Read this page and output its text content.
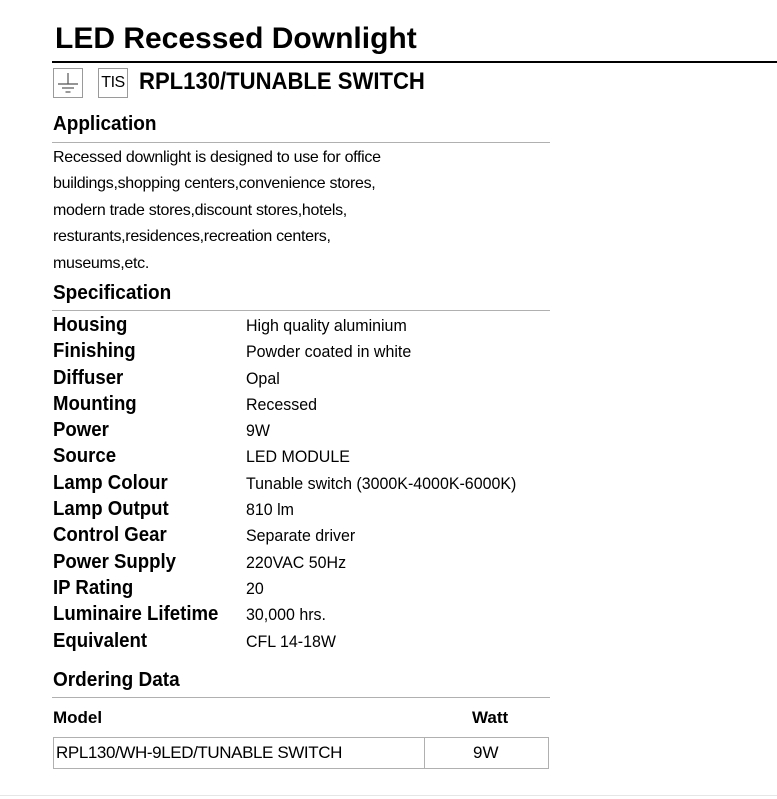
LED Recessed Downlight
TIS RPL130/TUNABLE SWITCH
Application

Recessed downlight is designed to use for office
buildings,shopping centers,convenience stores,
modern trade stores,discount stores,hotels,
resturants,residences,recreation centers,
museums,etc.

Specification
Housing	High quality aluminium
Finishing	Powder coated in white
Diffuser	Opal
Mounting	Recessed
Power	9W
Source	LED MODULE
Lamp Colour	Tunable switch (3000K-4000K-6000K)
Lamp Output	810 lm
Control Gear	Separate driver
Power Supply	220VAC 50Hz
IP Rating	20
Luminaire Lifetime 30,000 hrs.
Equivalent	CFL 14-18W
Ordering Data
Model	Watt
RPL130/WH-9LED/TUNABLE SWITCH	9W
